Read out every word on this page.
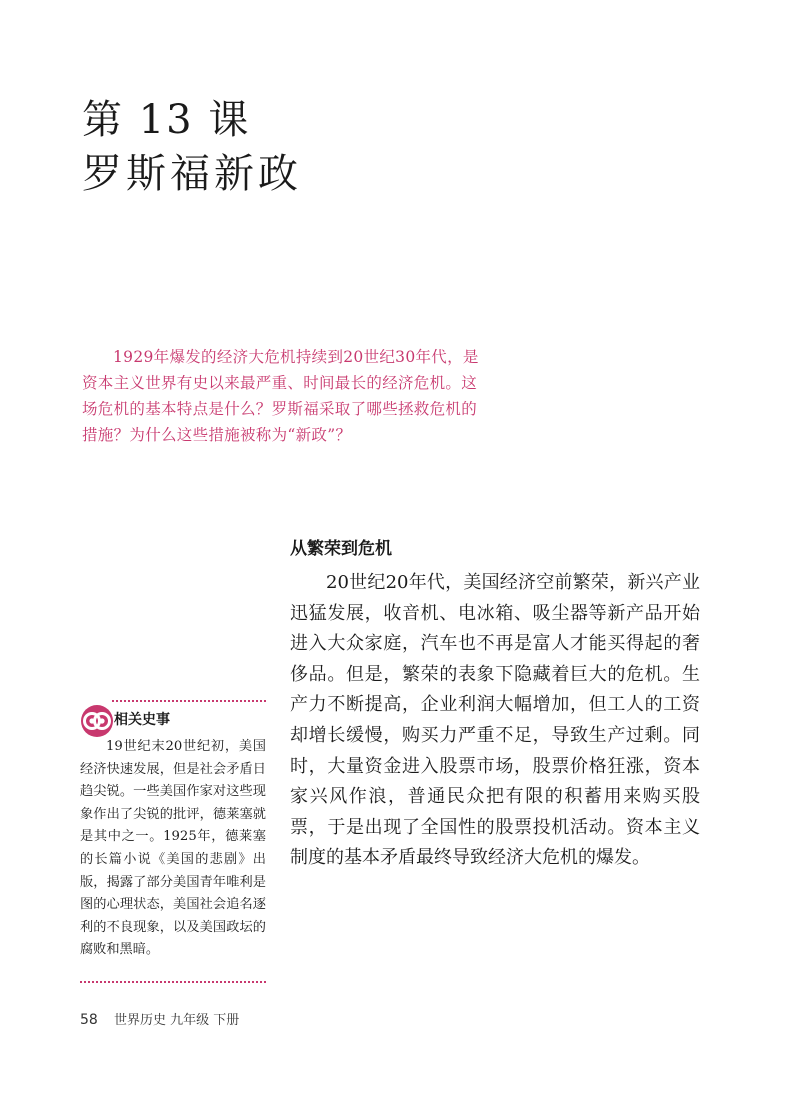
第 13 课
罗斯福新政

1929年爆发的经济大危机持续到20世纪30年代，是资本主义世界有史以来最严重、时间最长的经济危机。这场危机的基本特点是什么？罗斯福采取了哪些拯救危机的措施？为什么这些措施被称为“新政”？

从繁荣到危机

20世纪20年代，美国经济空前繁荣，新兴产业迅猛发展，收音机、电冰箱、吸尘器等新产品开始进入大众家庭，汽车也不再是富人才能买得起的奢侈品。但是，繁荣的表象下隐藏着巨大的危机。生产力不断提高，企业利润大幅增加，但工人的工资却增长缓慢，购买力严重不足，导致生产过剩。同时，大量资金进入股票市场，股票价格狂涨，资本家兴风作浪，普通民众把有限的积蓄用来购买股票，于是出现了全国性的股票投机活动。资本主义制度的基本矛盾最终导致经济大危机的爆发。

相关史事

19世纪末20世纪初，美国经济快速发展，但是社会矛盾日趋尖锐。一些美国作家对这些现象作出了尖锐的批评，德莱塞就是其中之一。1925年，德莱塞的长篇小说《美国的悲剧》出版，揭露了部分美国青年唯利是图的心理状态，美国社会追名逐利的不良现象，以及美国政坛的腐败和黑暗。

58 世界历史 九年级 下册
